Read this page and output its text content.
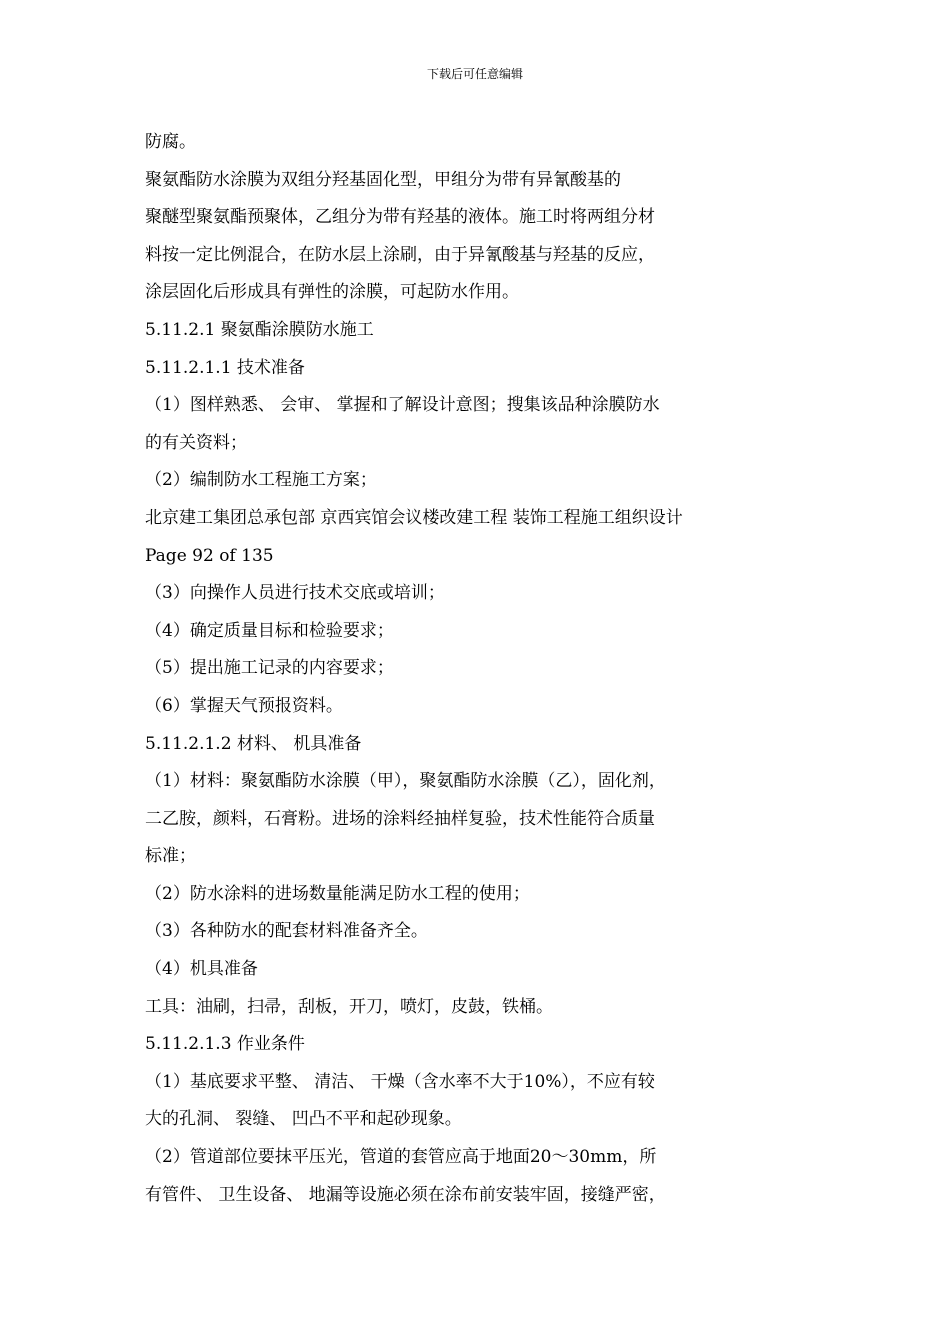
下载后可任意编辑
防腐。
聚氨酯防水涂膜为双组分羟基固化型，甲组分为带有异氰酸基的
聚醚型聚氨酯预聚体，乙组分为带有羟基的液体。施工时将两组分材
料按一定比例混合，在防水层上涂刷，由于异氰酸基与羟基的反应，
涂层固化后形成具有弹性的涂膜，可起防水作用。
5.11.2.1 聚氨酯涂膜防水施工
5.11.2.1.1 技术准备
（1）图样熟悉、 会审、 掌握和了解设计意图；搜集该品种涂膜防水
的有关资料；
（2）编制防水工程施工方案；
北京建工集团总承包部 京西宾馆会议楼改建工程 装饰工程施工组织设计
Page 92 of 135
（3）向操作人员进行技术交底或培训；
（4）确定质量目标和检验要求；
（5）提出施工记录的内容要求；
（6）掌握天气预报资料。
5.11.2.1.2 材料、 机具准备
（1）材料：聚氨酯防水涂膜（甲），聚氨酯防水涂膜（乙），固化剂，
二乙胺，颜料，石膏粉。进场的涂料经抽样复验，技术性能符合质量
标准；
（2）防水涂料的进场数量能满足防水工程的使用；
（3）各种防水的配套材料准备齐全。
（4）机具准备
工具：油刷，扫帚，刮板，开刀，喷灯，皮鼓，铁桶。
5.11.2.1.3 作业条件
（1）基底要求平整、 清洁、 干燥（含水率不大于10%），不应有较
大的孔洞、 裂缝、 凹凸不平和起砂现象。
（2）管道部位要抹平压光，管道的套管应高于地面20～30mm，所
有管件、 卫生设备、 地漏等设施必须在涂布前安装牢固，接缝严密，
